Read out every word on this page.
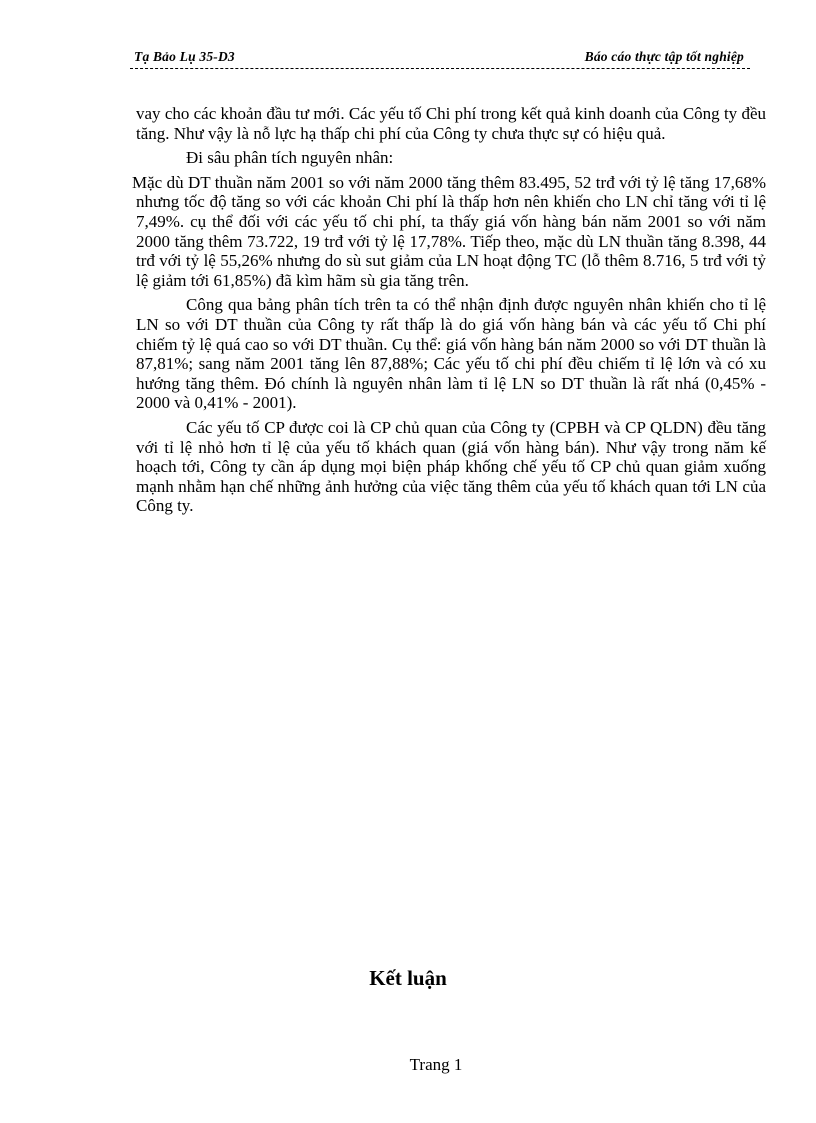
Tạ Bảo Lụ 35-D3	Báo cáo thực tập tốt nghiệp

vay cho các khoản đầu tư mới. Các yếu tố Chi phí trong kết quả kinh doanh của Công ty đều tăng. Như vậy là nỗ lực hạ thấp chi phí của Công ty chưa thực sự có hiệu quả.

Đi sâu phân tích nguyên nhân:

Mặc dù DT thuần năm 2001 so với năm 2000 tăng thêm 83.495, 52 trđ với tỷ lệ tăng 17,68% nhưng tốc độ tăng so với các khoản Chi phí là thấp hơn nên khiến cho LN chỉ tăng với tỉ lệ 7,49%. cụ thể đối với các yếu tố chi phí, ta thấy giá vốn hàng bán năm 2001 so với năm 2000 tăng thêm 73.722, 19 trđ với tỷ lệ 17,78%. Tiếp theo, mặc dù LN thuần tăng 8.398, 44 trđ với tỷ lệ 55,26% nhưng do sù sut giảm của LN hoạt động TC (lỗ thêm 8.716, 5 trđ với tỷ lệ giảm tới 61,85%) đã kìm hãm sù gia tăng trên.

Công qua bảng phân tích trên ta có thể nhận định được nguyên nhân khiến cho tỉ lệ LN so với DT thuần của Công ty rất thấp là do giá vốn hàng bán và các yếu tố Chi phí chiếm tỷ lệ quá cao so với DT thuần. Cụ thể: giá vốn hàng bán năm 2000 so với DT thuần là 87,81%; sang năm 2001 tăng lên 87,88%; Các yếu tố chi phí đều chiếm tỉ lệ lớn và có xu hướng tăng thêm. Đó chính là nguyên nhân làm tỉ lệ LN so DT thuần là rất nhá (0,45% - 2000 và 0,41% - 2001).

Các yếu tố CP được coi là CP chủ quan của Công ty (CPBH và CP QLDN) đều tăng với tỉ lệ nhỏ hơn tỉ lệ của yếu tố khách quan (giá vốn hàng bán). Như vậy trong năm kế hoạch tới, Công ty cần áp dụng mọi biện pháp khống chế yếu tố CP chủ quan giảm xuống mạnh nhằm hạn chế những ảnh hưởng của việc tăng thêm của yếu tố khách quan tới LN của Công ty.

Kết luận
Trang 1
